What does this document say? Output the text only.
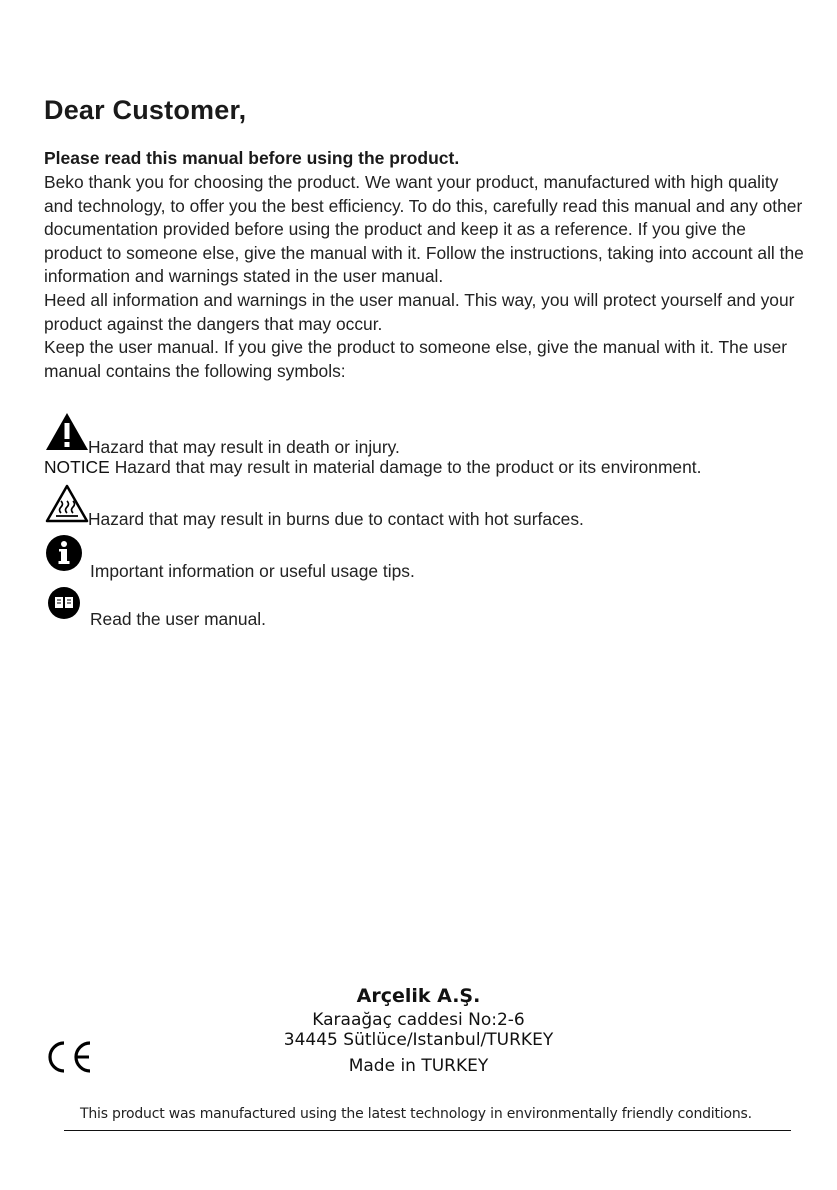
Dear Customer,
Please read this manual before using the product.

Beko thank you for choosing the product. We want your product, manufactured with high quality and technology, to offer you the best efficiency. To do this, carefully read this manual and any other documentation provided before using the product and keep it as a reference. If you give the product to someone else, give the manual with it. Follow the instructions, taking into account all the information and warnings stated in the user manual.

Heed all information and warnings in the user manual. This way, you will protect yourself and your product against the dangers that may occur.

Keep the user manual. If you give the product to someone else, give the manual with it. The user manual contains the following symbols:

Hazard that may result in death or injury.
NOTICE Hazard that may result in material damage to the product or its environment.
Hazard that may result in burns due to contact with hot surfaces.
Important information or useful usage tips.
Read the user manual.
Arçelik A.Ş.
Karaağaç caddesi No:2-6
34445 Sütlüce/Istanbul/TURKEY
Made in TURKEY
This product was manufactured using the latest technology in environmentally friendly conditions.
